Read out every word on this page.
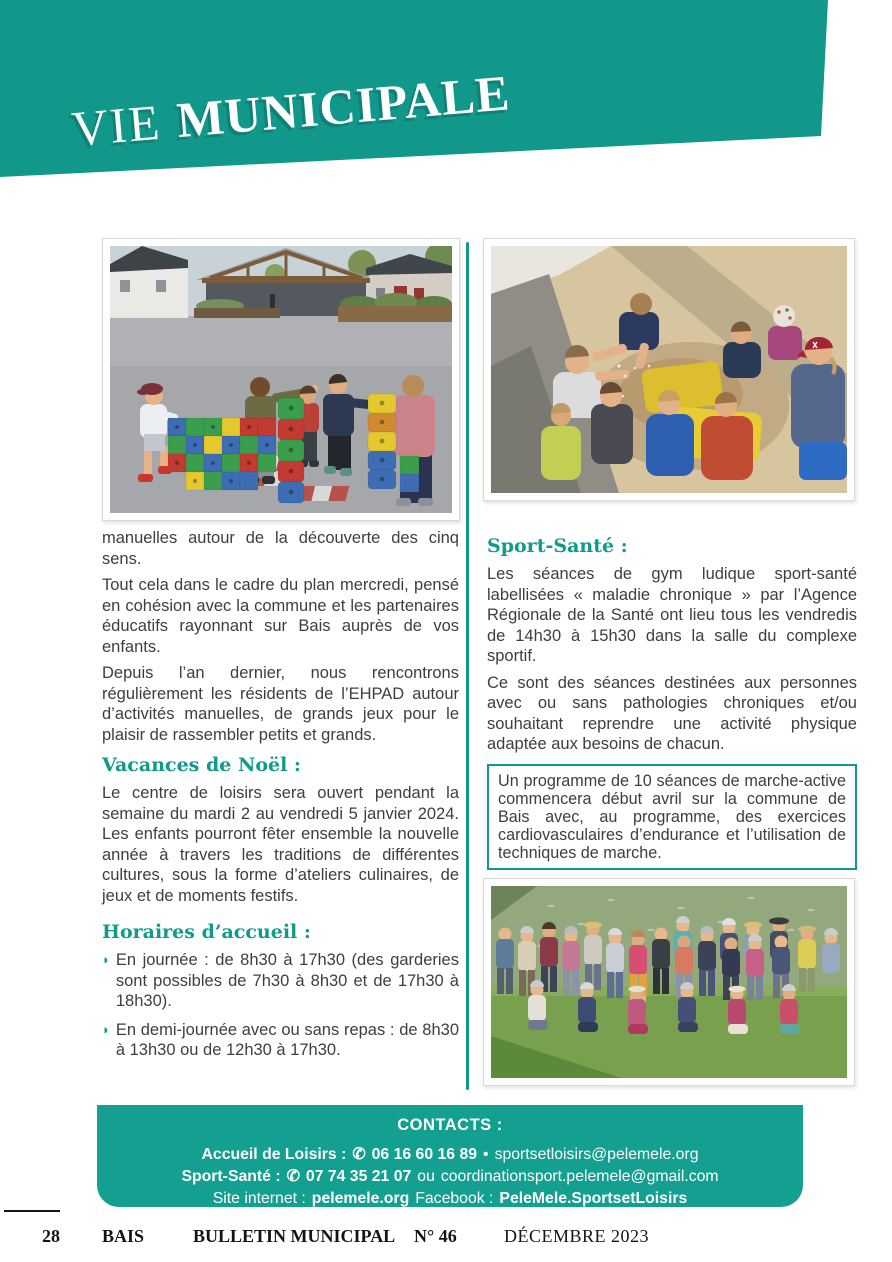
VIE MUNICIPALE

manuelles autour de la découverte des cinq sens.

Tout cela dans le cadre du plan mercredi, pensé en cohésion avec la commune et les partenaires éducatifs rayonnant sur Bais auprès de vos enfants.

Depuis l’an dernier, nous rencontrons régulièrement les résidents de l’EHPAD autour d’activités manuelles, de grands jeux pour le plaisir de rassembler petits et grands.

Vacances de Noël :

Le centre de loisirs sera ouvert pendant la semaine du mardi 2 au vendredi 5 janvier 2024. Les enfants pourront fêter ensemble la nouvelle année à travers les traditions de différentes cultures, sous la forme d’ateliers culinaires, de jeux et de moments festifs.

Horaires d’accueil :
◗ En journée : de 8h30 à 17h30 (des garderies sont possibles de 7h30 à 8h30 et de 17h30 à 18h30).
◗ En demi-journée avec ou sans repas : de 8h30 à 13h30 ou de 12h30 à 17h30.
Sport-Santé :

Les séances de gym ludique sport-santé labellisées « maladie chronique » par l’Agence Régionale de la Santé ont lieu tous les vendredis de 14h30 à 15h30 dans la salle du complexe sportif.

Ce sont des séances destinées aux personnes avec ou sans pathologies chroniques et/ou souhaitant reprendre une activité physique adaptée aux besoins de chacun.

Un programme de 10 séances de marche-active commencera début avril sur la commune de Bais avec, au programme, des exercices cardiovasculaires d’endurance et l’utilisation de techniques de marche.
CONTACTS :
Accueil de Loisirs : ✆ 06 16 60 16 89 • sportsetloisirs@pelemele.org
Sport-Santé : ✆ 07 74 35 21 07 ou coordinationsport.pelemele@gmail.com
Site internet : pelemele.org Facebook : PeleMele.SportsetLoisirs
28 BAIS	BULLETIN MUNICIPAL N° 46	DÉCEMBRE 2023
